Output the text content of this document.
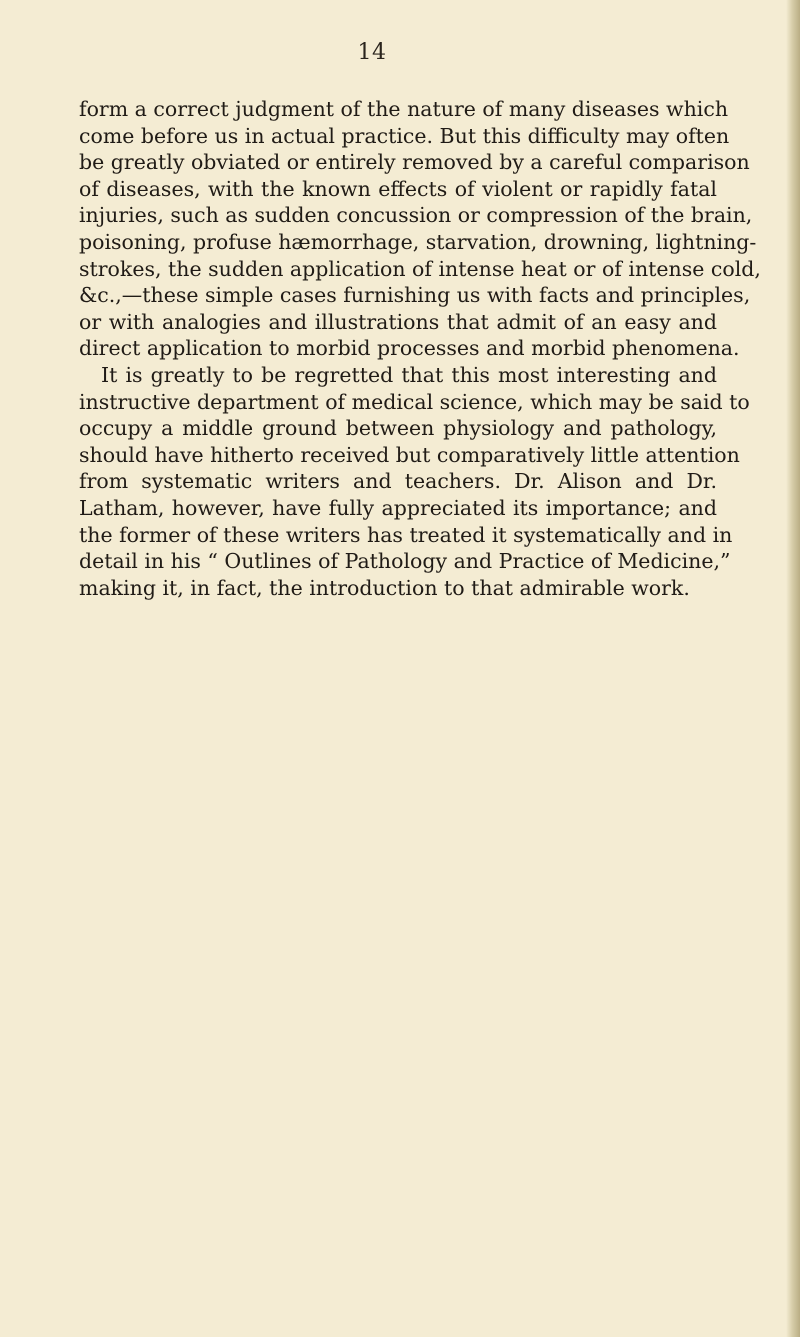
14
form a correct judgment of the nature of many diseases which
come before us in actual practice. But this difficulty may often
be greatly obviated or entirely removed by a careful comparison
of diseases, with the known effects of violent or rapidly fatal
injuries, such as sudden concussion or compression of the brain,
poisoning, profuse hæmorrhage, starvation, drowning, lightning-
strokes, the sudden application of intense heat or of intense cold,
&c.,—these simple cases furnishing us with facts and principles,
or with analogies and illustrations that admit of an easy and
direct application to morbid processes and morbid phenomena.
It is greatly to be regretted that this most interesting and
instructive department of medical science, which may be said to
occupy a middle ground between physiology and pathology,
should have hitherto received but comparatively little attention
from systematic writers and teachers. Dr. Alison and Dr.
Latham, however, have fully appreciated its importance; and
the former of these writers has treated it systematically and in
detail in his “ Outlines of Pathology and Practice of Medicine,”
making it, in fact, the introduction to that admirable work.
